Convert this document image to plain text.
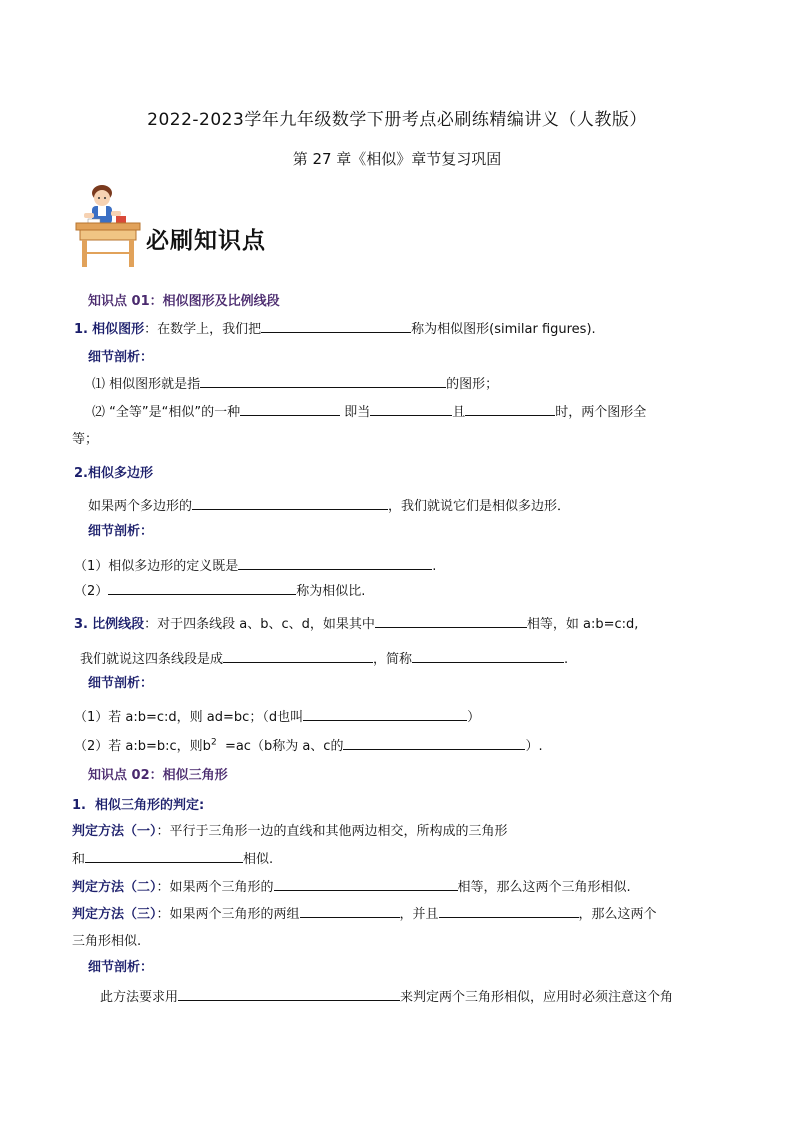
2022-2023学年九年级数学下册考点必刷练精编讲义（人教版）
第 27 章《相似》章节复习巩固
必刷知识点
知识点 01：相似图形及比例线段
1. 相似图形：在数学上，我们把	称为相似图形(similar figures).
细节剖析：
⑴ 相似图形就是指	的图形；
⑵ “全等”是“相似”的一种	即当	且	时，两个图形全
等；
2.相似多边形
如果两个多边形的	，我们就说它们是相似多边形．
细节剖析：
（1）相似多边形的定义既是	.
（2）	称为相似比.
3. 比例线段：对于四条线段 a、b、c、d，如果其中	相等，如 a:b=c:d,
我们就说这四条线段是成	，简称	.
细节剖析：
（1）若 a:b=c:d，则 ad=bc；（d也叫	）
（2）若 a:b=b:c，则$b^2 =ac(b$称为 a、c的	）.
知识点 02：相似三角形
1. 相似三角形的判定:
判定方法（一）：平行于三角形一边的直线和其他两边相交，所构成的三角形
和	相似.
判定方法（二）：如果两个三角形的	相等，那么这两个三角形相似.
判定方法（三）：如果两个三角形的两组	，并且	，那么这两个
三角形相似.
细节剖析：
此方法要求用	来判定两个三角形相似，应用时必须注意这个角
